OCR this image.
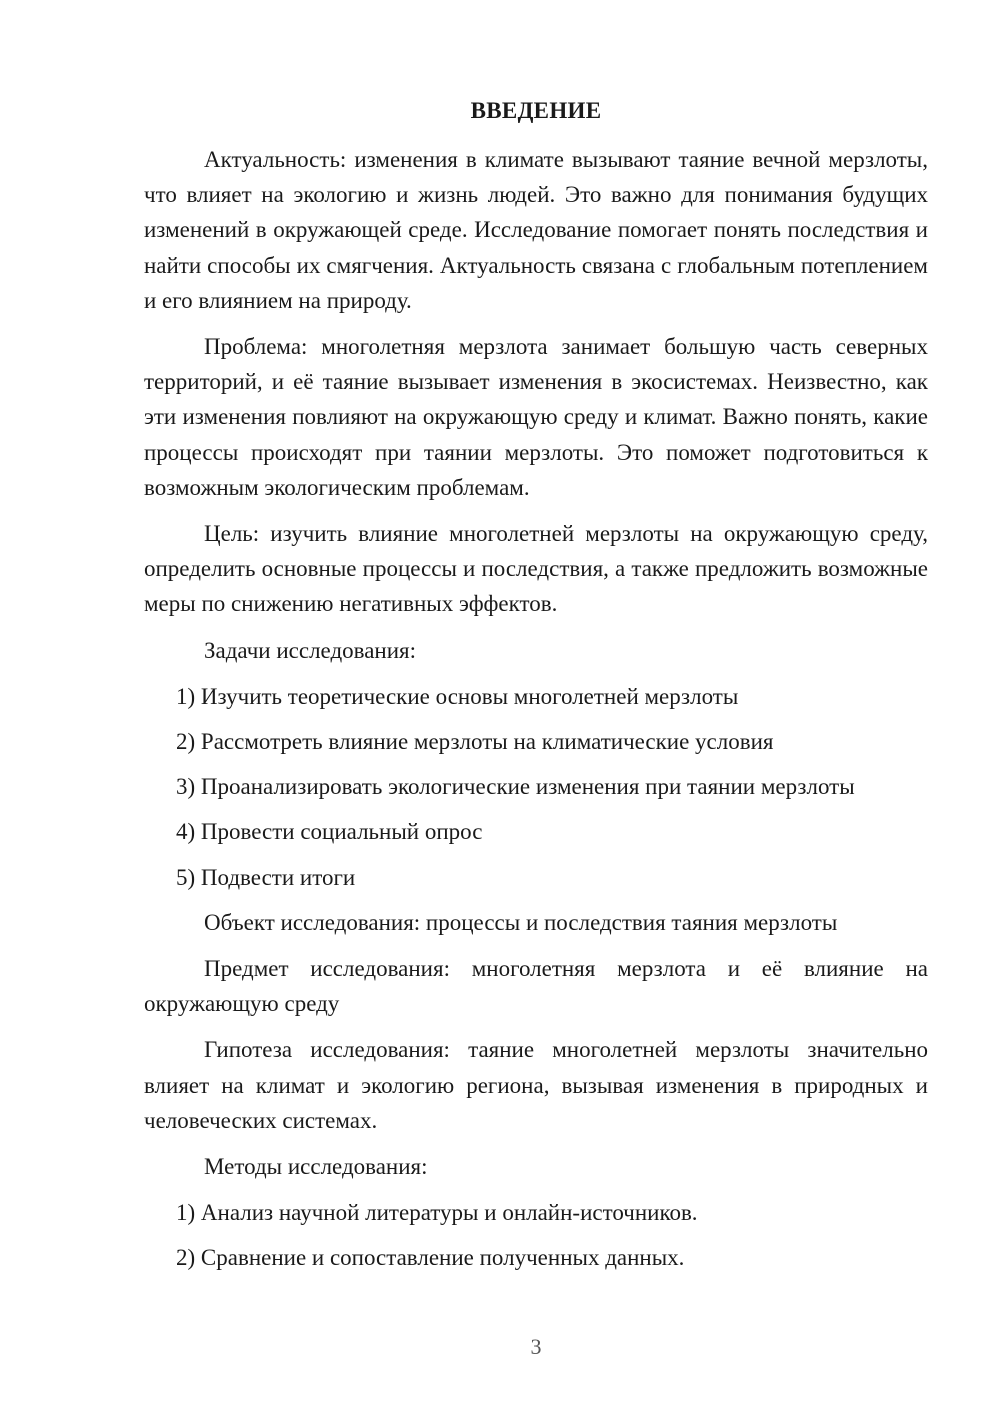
ВВЕДЕНИЕ

Актуальность: изменения в климате вызывают таяние вечной мерзлоты, что влияет на экологию и жизнь людей. Это важно для понимания будущих изменений в окружающей среде. Исследование помогает понять последствия и найти способы их смягчения. Актуальность связана с глобальным потеплением и его влиянием на природу.

Проблема: многолетняя мерзлота занимает большую часть северных территорий, и её таяние вызывает изменения в экосистемах. Неизвестно, как эти изменения повлияют на окружающую среду и климат. Важно понять, какие процессы происходят при таянии мерзлоты. Это поможет подготовиться к возможным экологическим проблемам.

Цель: изучить влияние многолетней мерзлоты на окружающую среду, определить основные процессы и последствия, а также предложить возможные меры по снижению негативных эффектов.

Задачи исследования:

1) Изучить теоретические основы многолетней мерзлоты
2) Рассмотреть влияние мерзлоты на климатические условия
3) Проанализировать экологические изменения при таянии мерзлоты
4) Провести социальный опрос
5) Подвести итоги

Объект исследования: процессы и последствия таяния мерзлоты

Предмет исследования: многолетняя мерзлота и её влияние на окружающую среду

Гипотеза исследования: таяние многолетней мерзлоты значительно влияет на климат и экологию региона, вызывая изменения в природных и человеческих системах.

Методы исследования:

1) Анализ научной литературы и онлайн-источников.
2) Сравнение и сопоставление полученных данных.
3
